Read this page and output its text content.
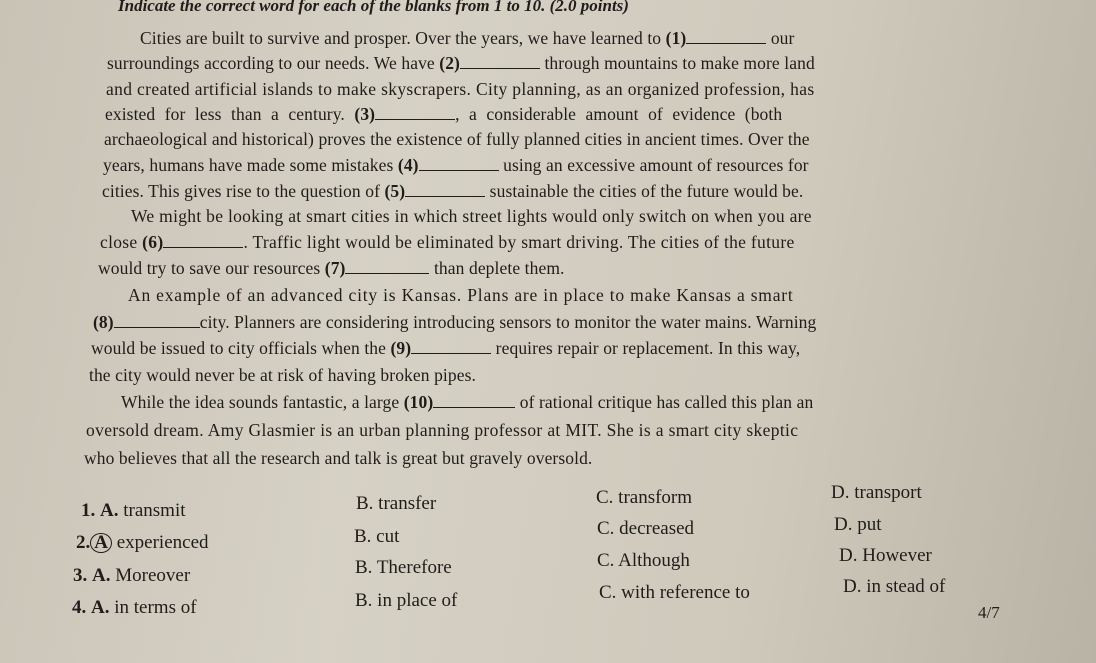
Indicate the correct word for each of the blanks from 1 to 10. (2.0 points)
Cities are built to survive and prosper. Over the years, we have learned to (1)	our
surroundings according to our needs. We have (2)	through mountains to make more land
and created artificial islands to make skyscrapers. City planning, as an organized profession, has
existed for less than a century. (3)	, a considerable amount of evidence (both
archaeological and historical) proves the existence of fully planned cities in ancient times. Over the
years, humans have made some mistakes (4)	using an excessive amount of resources for
cities. This gives rise to the question of (5)	sustainable the cities of the future would be.
We might be looking at smart cities in which street lights would only switch on when you are
close (6)	. Traffic light would be eliminated by smart driving. The cities of the future
would try to save our resources (7)	than deplete them.
An example of an advanced city is Kansas. Plans are in place to make Kansas a smart
(8)	city. Planners are considering introducing sensors to monitor the water mains. Warning
would be issued to city officials when the (9)	requires repair or replacement. In this way,
the city would never be at risk of having broken pipes.
While the idea sounds fantastic, a large (10)	of rational critique has called this plan an
oversold dream. Amy Glasmier is an urban planning professor at MIT. She is a smart city skeptic
who believes that all the research and talk is great but gravely oversold.
1. A. transmit	B. transfer	C. transform	D. transport
2. A experienced	B. cut	C. decreased	D. put
3. A. Moreover	B. Therefore	C. Although	D. However
4. A. in terms of	B. in place of	C. with reference to	D. in stead of
4/7
